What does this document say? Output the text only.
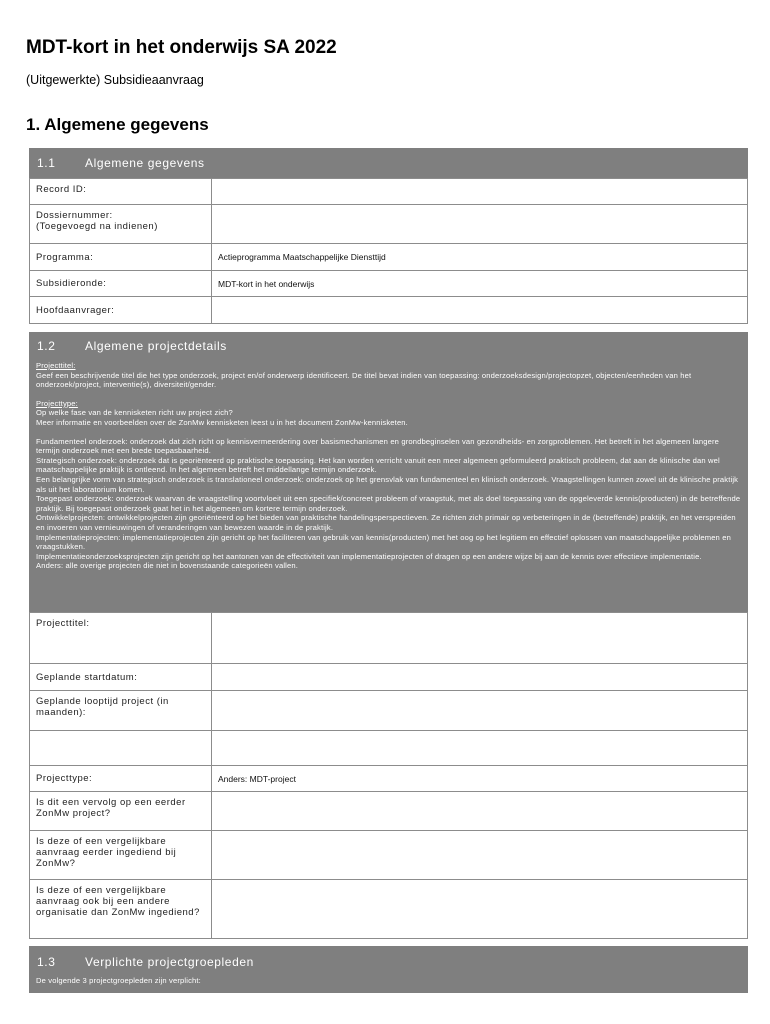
MDT-kort in het onderwijs SA 2022

(Uitgewerkte) Subsidieaanvraag

1. Algemene gegevens
1.1 Algemene gegevens
Record ID:	

Dossiernummer:
(Toegevoegd na indienen)	

Programma:	Actieprogramma Maatschappelijke Diensttijd
Subsidieronde:	MDT-kort in het onderwijs
Hoofdaanvrager:	
1.2 Algemene projectdetails

Projecttitel:

Geef een beschrijvende titel die het type onderzoek, project en/of onderwerp identificeert. De titel bevat indien van toepassing: onderzoeksdesign/projectopzet, objecten/eenheden van het onderzoek/project, interventie(s), diversiteit/gender.

Projecttype:

Op welke fase van de kennisketen richt uw project zich?

Meer informatie en voorbeelden over de ZonMw kennisketen leest u in het document ZonMw-kennisketen.

Fundamenteel onderzoek: onderzoek dat zich richt op kennisvermeerdering over basismechanismen en grondbeginselen van gezondheids- en zorgproblemen. Het betreft in het algemeen langere termijn onderzoek met een brede toepasbaarheid.

Strategisch onderzoek: onderzoek dat is georiënteerd op praktische toepassing. Het kan worden verricht vanuit een meer algemeen geformuleerd praktisch probleem, dat aan de klinische dan wel maatschappelijke praktijk is ontleend. In het algemeen betreft het middellange termijn onderzoek.

Een belangrijke vorm van strategisch onderzoek is translationeel onderzoek: onderzoek op het grensvlak van fundamenteel en klinisch onderzoek. Vraagstellingen kunnen zowel uit de klinische praktijk als uit het laboratorium komen.

Toegepast onderzoek: onderzoek waarvan de vraagstelling voortvloeit uit een specifiek/concreet probleem of vraagstuk, met als doel toepassing van de opgeleverde kennis(producten) in de betreffende praktijk. Bij toegepast onderzoek gaat het in het algemeen om kortere termijn onderzoek.

Ontwikkelprojecten: ontwikkelprojecten zijn georiënteerd op het bieden van praktische handelingsperspectieven. Ze richten zich primair op verbeteringen in de (betreffende) praktijk, en het verspreiden en invoeren van vernieuwingen of veranderingen van bewezen waarde in de praktijk.

Implementatieprojecten: implementatieprojecten zijn gericht op het faciliteren van gebruik van kennis(producten) met het oog op het legitiem en effectief oplossen van maatschappelijke problemen en vraagstukken.

Implementatieonderzoeksprojecten zijn gericht op het aantonen van de effectiviteit van implementatieprojecten of dragen op een andere wijze bij aan de kennis over effectieve implementatie.

Anders: alle overige projecten die niet in bovenstaande categorieën vallen.

Projecttitel:	
Geplande startdatum:	
Geplande looptijd project (in maanden):	

Projecttype:	Anders: MDT-project
Is dit een vervolg op een eerder ZonMw project?	
Is deze of een vergelijkbare aanvraag eerder ingediend bij ZonMw?	
Is deze of een vergelijkbare aanvraag ook bij een andere organisatie dan ZonMw ingediend?	
1.3 Verplichte projectgroepleden
De volgende 3 projectgroepleden zijn verplicht:
